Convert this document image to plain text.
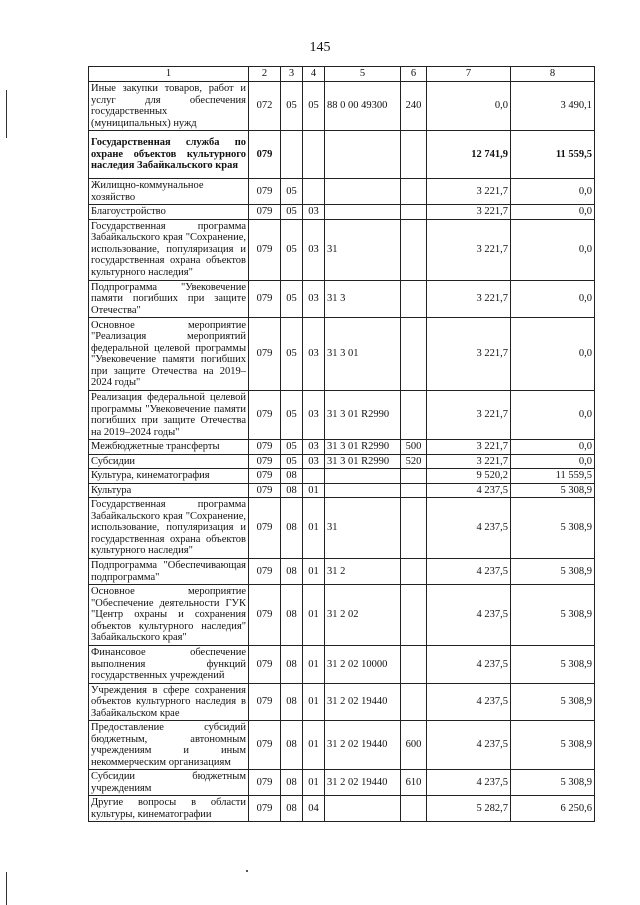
145
1	2	3	4	5	6	7	8
Иные закупки товаров, работ и услуг для обеспечения государственных (муниципальных) нужд	072	05	05	88 0 00 49300	240	0,0	3 490,1
Государственная служба по охране объектов культурного наследия Забайкальского края	079					12 741,9	11 559,5
Жилищно-коммунальное хозяйство	079	05				3 221,7	0,0
Благоустройство	079	05	03			3 221,7	0,0
Государственная программа Забайкальского края "Сохранение, использование, популяризация и государственная охрана объектов культурного наследия"	079	05	03	31		3 221,7	0,0
Подпрограмма "Увековечение памяти погибших при защите Отечества"	079	05	03	31 3		3 221,7	0,0
Основное мероприятие "Реализация мероприятий федеральной целевой программы "Увековечение памяти погибших при защите Отечества на 2019–2024 годы"	079	05	03	31 3 01		3 221,7	0,0
Реализация федеральной целевой программы "Увековечение памяти погибших при защите Отечества на 2019–2024 годы"	079	05	03	31 3 01 R2990		3 221,7	0,0
Межбюджетные трансферты	079	05	03	31 3 01 R2990	500	3 221,7	0,0
Субсидии	079	05	03	31 3 01 R2990	520	3 221,7	0,0
Культура, кинематография	079	08				9 520,2	11 559,5
Культура	079	08	01			4 237,5	5 308,9
Государственная программа Забайкальского края "Сохранение, использование, популяризация и государственная охрана объектов культурного наследия"	079	08	01	31		4 237,5	5 308,9
Подпрограмма "Обеспечивающая подпрограмма"	079	08	01	31 2		4 237,5	5 308,9
Основное мероприятие "Обеспечение деятельности ГУК "Центр охраны и сохранения объектов культурного наследия" Забайкальского края"	079	08	01	31 2 02		4 237,5	5 308,9
Финансовое обеспечение выполнения функций государственных учреждений	079	08	01	31 2 02 10000		4 237,5	5 308,9
Учреждения в сфере сохранения объектов культурного наследия в Забайкальском крае	079	08	01	31 2 02 19440		4 237,5	5 308,9
Предоставление субсидий бюджетным, автономным учреждениям и иным некоммерческим организациям	079	08	01	31 2 02 19440	600	4 237,5	5 308,9
Субсидии бюджетным учреждениям	079	08	01	31 2 02 19440	610	4 237,5	5 308,9
Другие вопросы в области культуры, кинематографии	079	08	04			5 282,7	6 250,6
